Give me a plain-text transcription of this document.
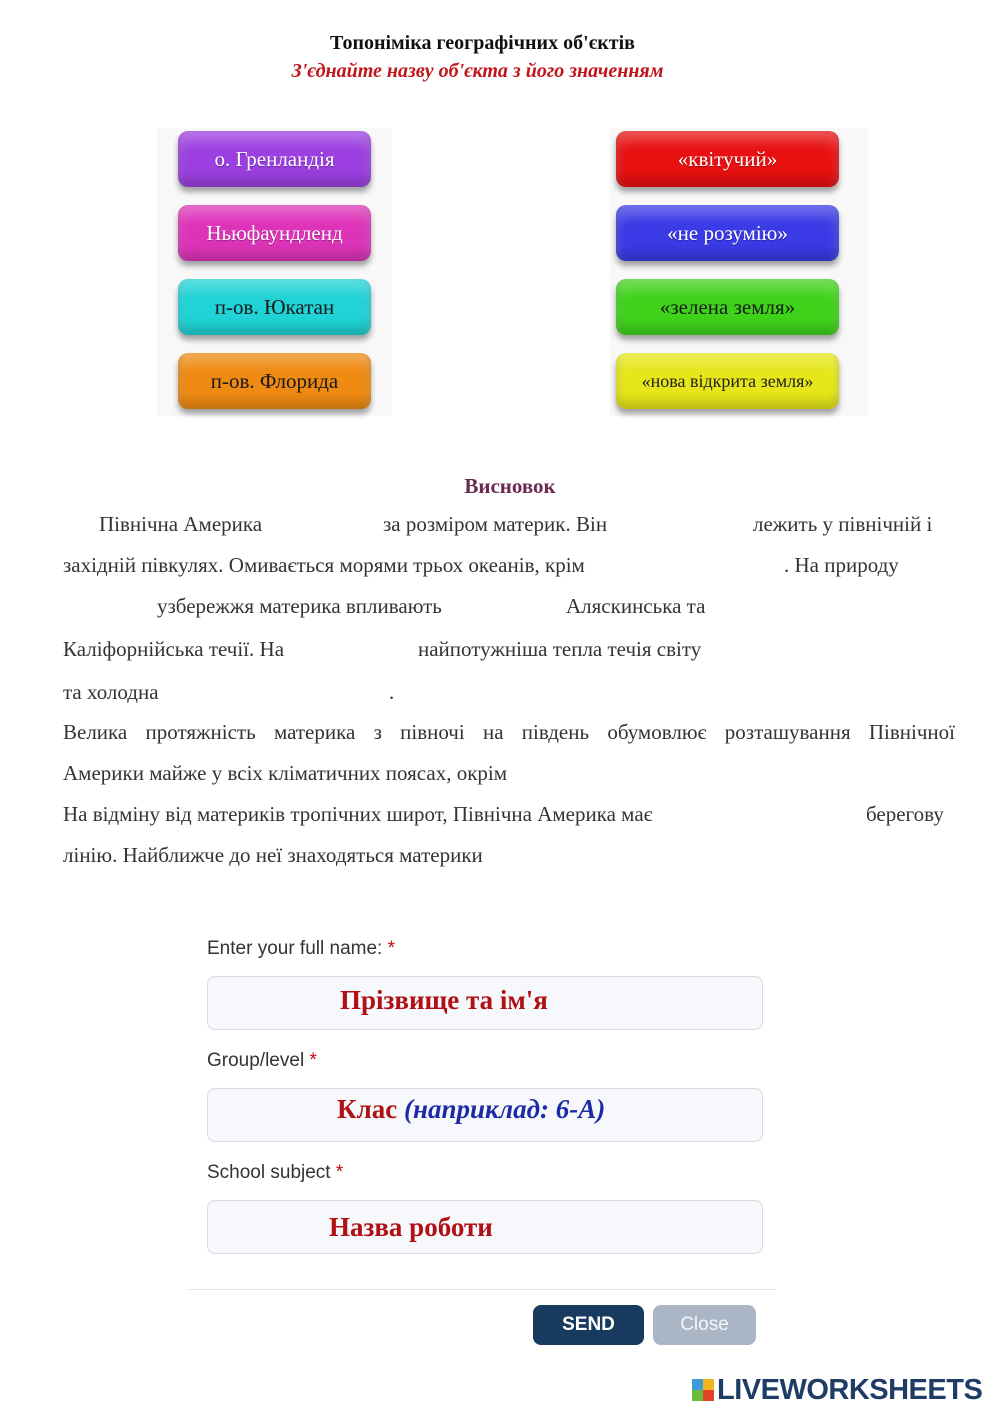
Топоніміка географічних об'єктів
З'єднайте назву об'єкта з його значенням
о. Гренландія
Ньюфаундленд
п-ов. Юкатан
п-ов. Флорида
«квітучий»
«не розумію»
«зелена земля»
«нова відкрита земля»
Висновок
Північна Америка	за розміром материк. Він	лежить у північній і
західній півкулях. Омивається морями трьох океанів, крім	. На природу
узбережжя материка впливають	Аляскинська та
Каліфорнійська течії. На	найпотужніша тепла течія світу
та холодна	.
Велика протяжність материка з півночі на південь обумовлює розташування Північної
Америки майже у всіх кліматичних поясах, окрім
На відміну від материків тропічних широт, Північна Америка має	берегову
лінію. Найближче до неї знаходяться материки
Enter your full name: *
Прізвище та ім'я
Group/level *
Клас (наприклад: 6-А)
School subject *
Назва роботи
SEND	Close
LIVEWORKSHEETS
